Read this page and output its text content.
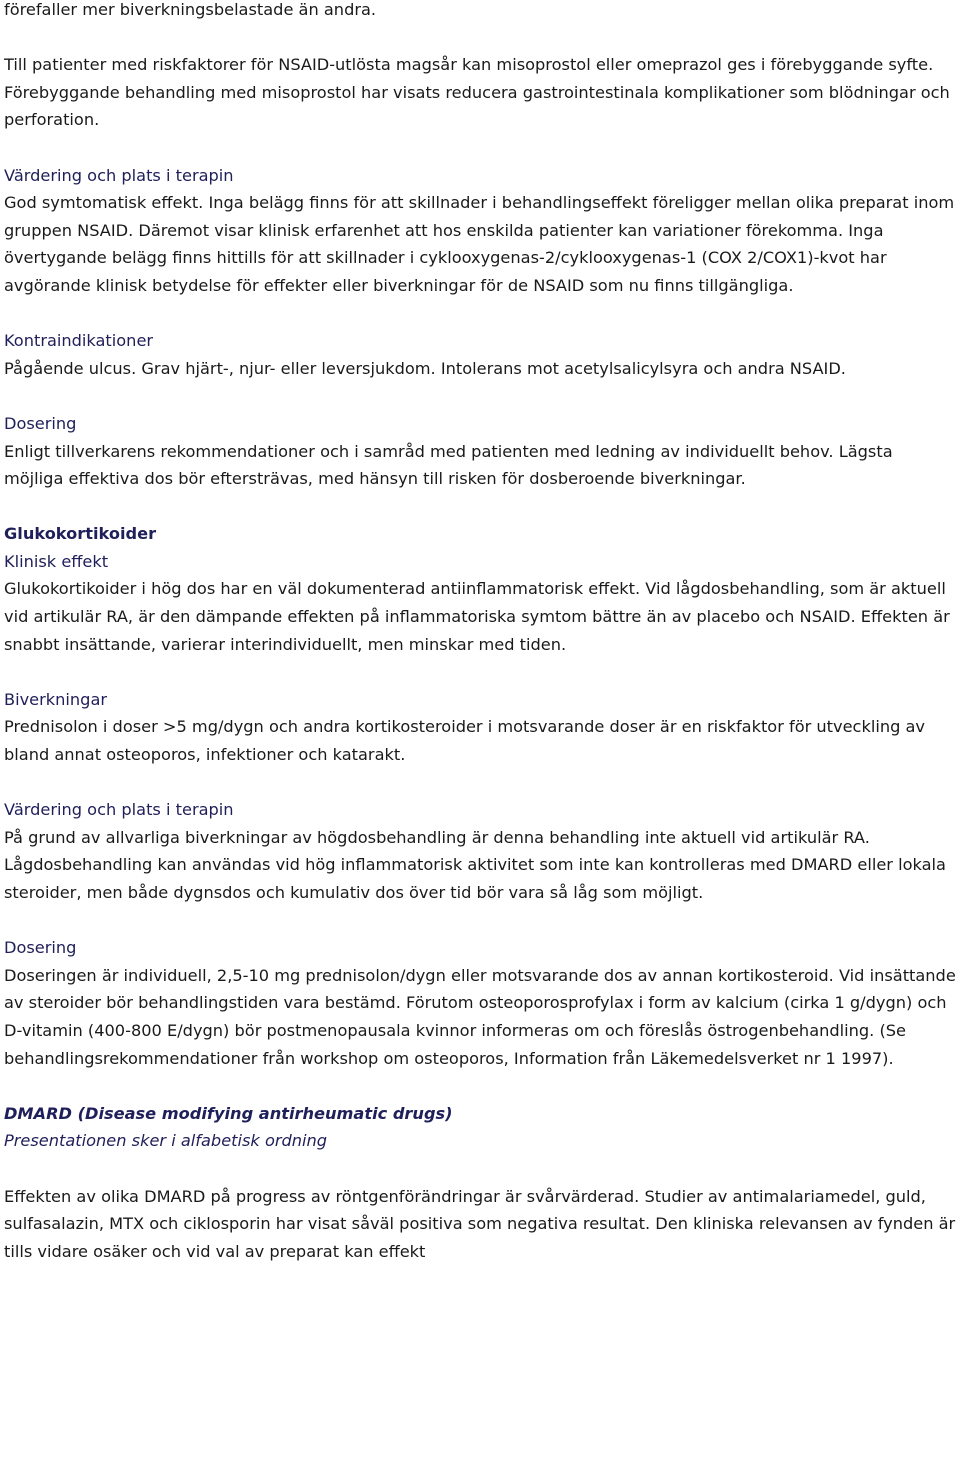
förefaller mer biverkningsbelastade än andra.

Till patienter med riskfaktorer för NSAID-utlösta magsår kan misoprostol eller omeprazol ges i förebyggande syfte. Förebyggande behandling med misoprostol har visats reducera gastrointestinala komplikationer som blödningar och perforation.

Värdering och plats i terapin

God symtomatisk effekt. Inga belägg finns för att skillnader i behandlingseffekt föreligger mellan olika preparat inom gruppen NSAID. Däremot visar klinisk erfarenhet att hos enskilda patienter kan variationer förekomma. Inga övertygande belägg finns hittills för att skillnader i cyklooxygenas-2/cyklooxygenas-1 (COX 2/COX1)-kvot har avgörande klinisk betydelse för effekter eller biverkningar för de NSAID som nu finns tillgängliga.

Kontraindikationer

Pågående ulcus. Grav hjärt-, njur- eller leversjukdom. Intolerans mot acetylsalicylsyra och andra NSAID.

Dosering

Enligt tillverkarens rekommendationer och i samråd med patienten med ledning av individuellt behov. Lägsta möjliga effektiva dos bör eftersträvas, med hänsyn till risken för dosberoende biverkningar.

Glukokortikoider

Klinisk effekt

Glukokortikoider i hög dos har en väl dokumenterad antiinflammatorisk effekt. Vid lågdosbehandling, som är aktuell vid artikulär RA, är den dämpande effekten på inflammatoriska symtom bättre än av placebo och NSAID. Effekten är snabbt insättande, varierar interindividuellt, men minskar med tiden.

Biverkningar

Prednisolon i doser >5 mg/dygn och andra kortikosteroider i motsvarande doser är en riskfaktor för utveckling av bland annat osteoporos, infektioner och katarakt.

Värdering och plats i terapin

På grund av allvarliga biverkningar av högdosbehandling är denna behandling inte aktuell vid artikulär RA. Lågdosbehandling kan användas vid hög inflammatorisk aktivitet som inte kan kontrolleras med DMARD eller lokala steroider, men både dygnsdos och kumulativ dos över tid bör vara så låg som möjligt.

Dosering

Doseringen är individuell, 2,5-10 mg prednisolon/dygn eller motsvarande dos av annan kortikosteroid. Vid insättande av steroider bör behandlingstiden vara bestämd. Förutom osteoporosprofylax i form av kalcium (cirka 1 g/dygn) och D-vitamin (400-800 E/dygn) bör postmenopausala kvinnor informeras om och föreslås östrogenbehandling. (Se behandlingsrekommendationer från workshop om osteoporos, Information från Läkemedelsverket nr 1 1997).

DMARD (Disease modifying antirheumatic drugs)

Presentationen sker i alfabetisk ordning

Effekten av olika DMARD på progress av röntgenförändringar är svårvärderad. Studier av antimalariamedel, guld, sulfasalazin, MTX och ciklosporin har visat såväl positiva som negativa resultat. Den kliniska relevansen av fynden är tills vidare osäker och vid val av preparat kan effekt
